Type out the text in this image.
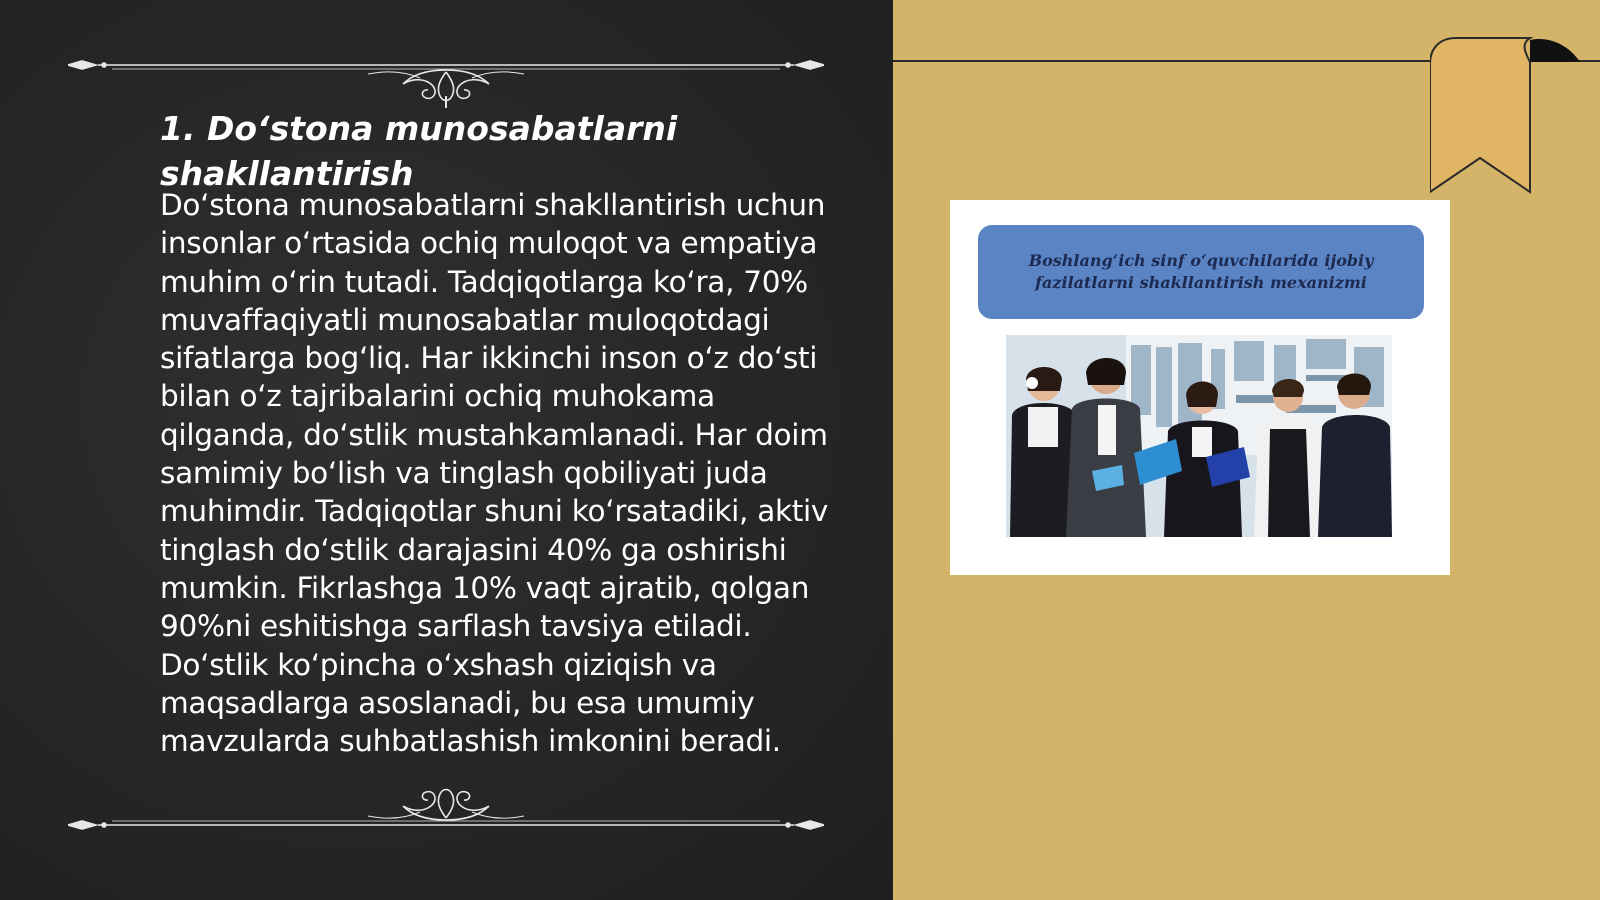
1. Do‘stona munosabatlarni shakllantirish

Do‘stona munosabatlarni shakllantirish uchun insonlar o‘rtasida ochiq muloqot va empatiya muhim o‘rin tutadi. Tadqiqotlarga ko‘ra, 70% muvaffaqiyatli munosabatlar muloqotdagi sifatlarga bog‘liq. Har ikkinchi inson o‘z do‘sti bilan o‘z tajribalarini ochiq muhokama qilganda, do‘stlik mustahkamlanadi. Har doim samimiy bo‘lish va tinglash qobiliyati juda muhimdir. Tadqiqotlar shuni ko‘rsatadiki, aktiv tinglash do‘stlik darajasini 40% ga oshirishi mumkin. Fikrlashga 10% vaqt ajratib, qolgan 90%ni eshitishga sarflash tavsiya etiladi. Do‘stlik ko‘pincha o‘xshash qiziqish va maqsadlarga asoslanadi, bu esa umumiy mavzularda suhbatlashish imkonini beradi.

Boshlang‘ich sinf o‘quvchilarida ijobiy fazilatlarni shakllantirish mexanizmi
